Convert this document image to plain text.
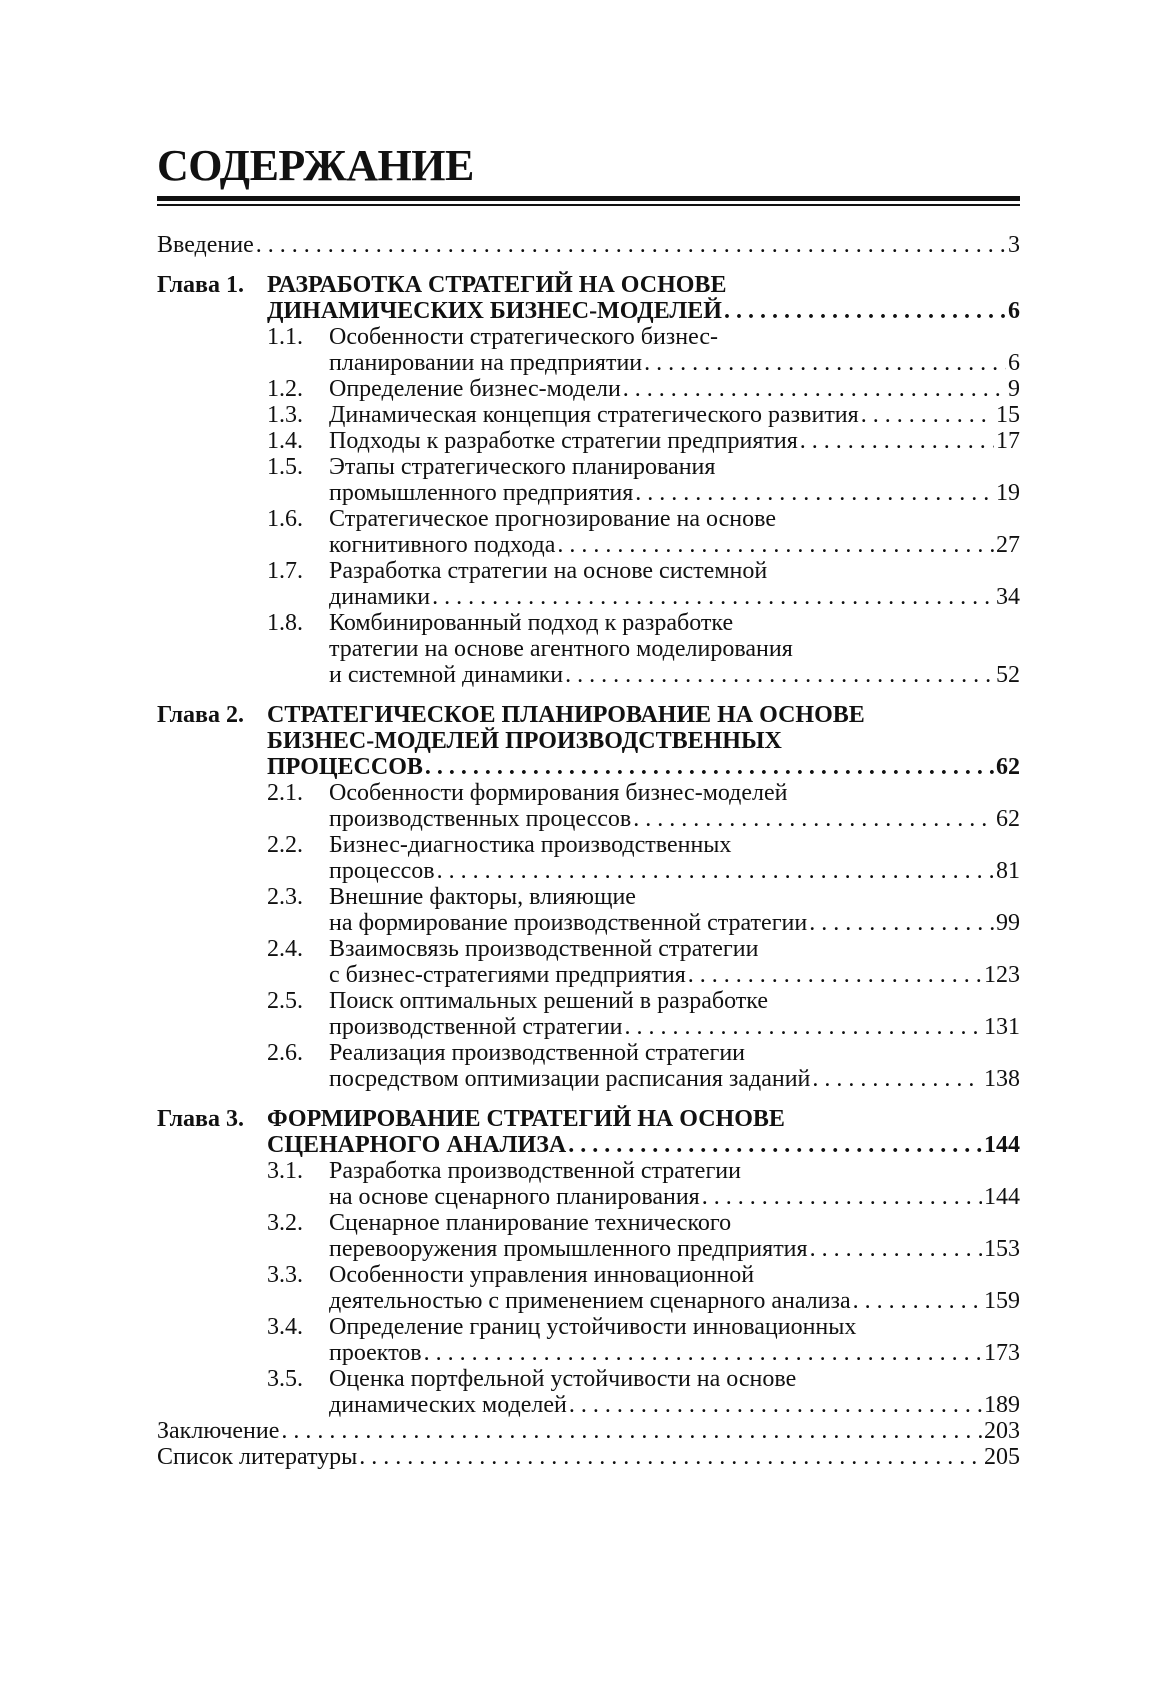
СОДЕРЖАНИЕ
Введение . . .	3
Глава 1. РАЗРАБОТКА СТРАТЕГИЙ НА ОСНОВЕ
ДИНАМИЧЕСКИХ БИЗНЕС-МОДЕЛЕЙ . . .	6
1.1.	Особенности стратегического бизнес-
планировании на предприятии . . .	6
1.2.	Определение бизнес-модели . . .	9
1.3.	Динамическая концепция стратегического развития . . .	15
1.4.	Подходы к разработке стратегии предприятия . . .	17
1.5.	Этапы стратегического планирования
промышленного предприятия . . .	19
1.6.	Стратегическое прогнозирование на основе
когнитивного подхода . . .	27
1.7.	Разработка стратегии на основе системной
динамики . . .	34
1.8.	Комбинированный подход к разработке
тратегии на основе агентного моделирования
и системной динамики . . .	52
Глава 2. СТРАТЕГИЧЕСКОЕ ПЛАНИРОВАНИЕ НА ОСНОВЕ
БИЗНЕС-МОДЕЛЕЙ ПРОИЗВОДСТВЕННЫХ
ПРОЦЕССОВ . . .	62
2.1.	Особенности формирования бизнес-моделей
производственных процессов . . .	62
2.2.	Бизнес-диагностика производственных
процессов . . .	81
2.3.	Внешние факторы, влияющие
на формирование производственной стратегии . . .	99
2.4.	Взаимосвязь производственной стратегии
с бизнес-стратегиями предприятия . . .	123
2.5.	Поиск оптимальных решений в разработке
производственной стратегии . . .	131
2.6.	Реализация производственной стратегии
посредством оптимизации расписания заданий . . .	138
Глава 3. ФОРМИРОВАНИЕ СТРАТЕГИЙ НА ОСНОВЕ
СЦЕНАРНОГО АНАЛИЗА . . .	144
3.1.	Разработка производственной стратегии
на основе сценарного планирования . . .	144
3.2.	Сценарное планирование технического
перевооружения промышленного предприятия . . .	153
3.3.	Особенности управления инновационной
деятельностью с применением сценарного анализа . . .	159
3.4.	Определение границ устойчивости инновационных
проектов . . .	173
3.5.	Оценка портфельной устойчивости на основе
динамических моделей . . .	189
Заключение . . .	203
Список литературы . . .	205
